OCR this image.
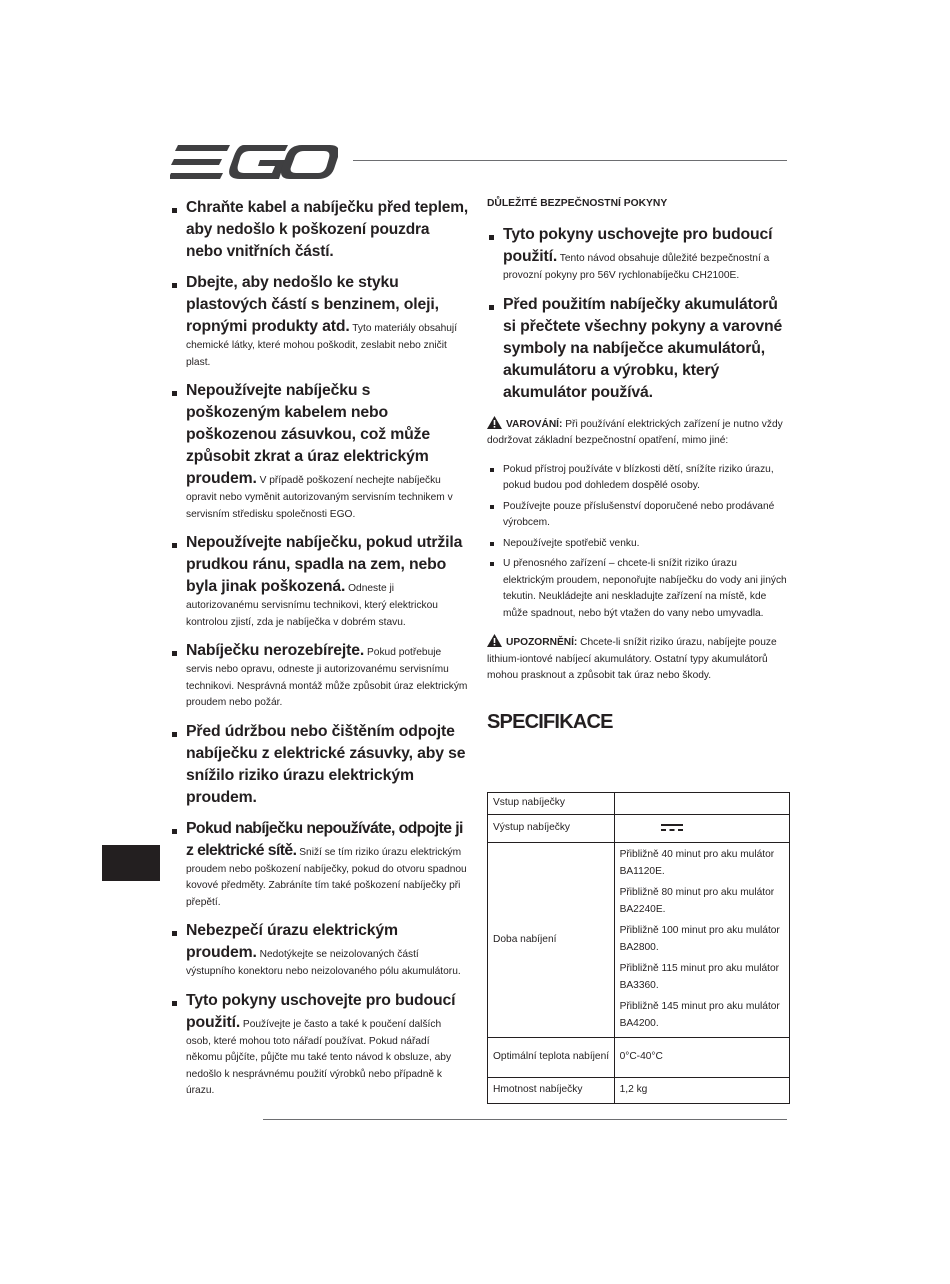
Chraňte kabel a nabíječku před teplem, aby nedošlo k poškození pouzdra nebo vnitřních částí.
Dbejte, aby nedošlo ke styku plastových částí s benzinem, oleji, ropnými produkty atd. Tyto materiály obsahují chemické látky, které mohou poškodit, zeslabit nebo zničit plast.
Nepoužívejte nabíječku s poškozeným kabelem nebo poškozenou zásuvkou, což může způsobit zkrat a úraz elektrickým proudem. V případě poškození nechejte nabíječku opravit nebo vyměnit autorizovaným servisním technikem v servisním středisku společnosti EGO.
Nepoužívejte nabíječku, pokud utržila prudkou ránu, spadla na zem, nebo byla jinak poškozená. Odneste ji autorizovanému servisnímu technikovi, který elektrickou kontrolou zjistí, zda je nabíječka v dobrém stavu.
Nabíječku nerozebírejte. Pokud potřebuje servis nebo opravu, odneste ji autorizovanému servisnímu technikovi. Nesprávná montáž může způsobit úraz elektrickým proudem nebo požár.
Před údržbou nebo čištěním odpojte nabíječku z elektrické zásuvky, aby se snížilo riziko úrazu elektrickým proudem.
Pokud nabíječku nepoužíváte, odpojte ji z elektrické sítě. Sniží se tím riziko úrazu elektrickým proudem nebo poškození nabíječky, pokud do otvoru spadnou kovové předměty. Zabráníte tím také poškození nabíječky při přepětí.
Nebezpečí úrazu elektrickým proudem. Nedotýkejte se neizolovaných částí výstupního konektoru nebo neizolovaného pólu akumulátoru.
Tyto pokyny uschovejte pro budoucí použití. Používejte je často a také k poučení dalších osob, které mohou toto nářadí používat. Pokud nářadí někomu půjčíte, půjčte mu také tento návod k obsluze, aby nedošlo k nesprávnému použití výrobků nebo případně k úrazu.
DŮLEŽITÉ BEZPEČNOSTNÍ POKYNY
Tyto pokyny uschovejte pro budoucí použití. Tento návod obsahuje důležité bezpečnostní a provozní pokyny pro 56V rychlonabíječku CH2100E.
Před použitím nabíječky akumulátorů si přečtete všechny pokyny a varovné symboly na nabíječce akumulátorů, akumulátoru a výrobku, který akumulátor používá.
VAROVÁNÍ: Při používání elektrických zařízení je nutno vždy dodržovat základní bezpečnostní opatření, mimo jiné:
Pokud přístroj používáte v blízkosti dětí, snížíte riziko úrazu, pokud budou pod dohledem dospělé osoby.
Používejte pouze příslušenství doporučené nebo prodávané výrobcem.
Nepoužívejte spotřebič venku.
U přenosného zařízení – chcete-li snížit riziko úrazu elektrickým proudem, neponořujte nabíječku do vody ani jiných tekutin. Neukládejte ani neskladujte zařízení na místě, kde může spadnout, nebo být vtažen do vany nebo umyvadla.
UPOZORNĚNÍ: Chcete-li snížit riziko úrazu, nabíjejte pouze lithium-iontové nabíjecí akumulátory. Ostatní typy akumulátorů mohou prasknout a způsobit tak úraz nebo škody.
SPECIFIKACE
Vstup nabíječky	
Výstup nabíječky	
Doba nabíjení	Přibližně 40 minut pro aku mulátor BA1120E.
Přibližně 80 minut pro aku mulátor BA2240E.
Přibližně 100 minut pro aku mulátor BA2800.
Přibližně 115 minut pro aku mulátor BA3360.
Přibližně 145 minut pro aku mulátor BA4200.

Optimální teplota nabíjení	0°C-40°C
Hmotnost nabíječky	1,2 kg
